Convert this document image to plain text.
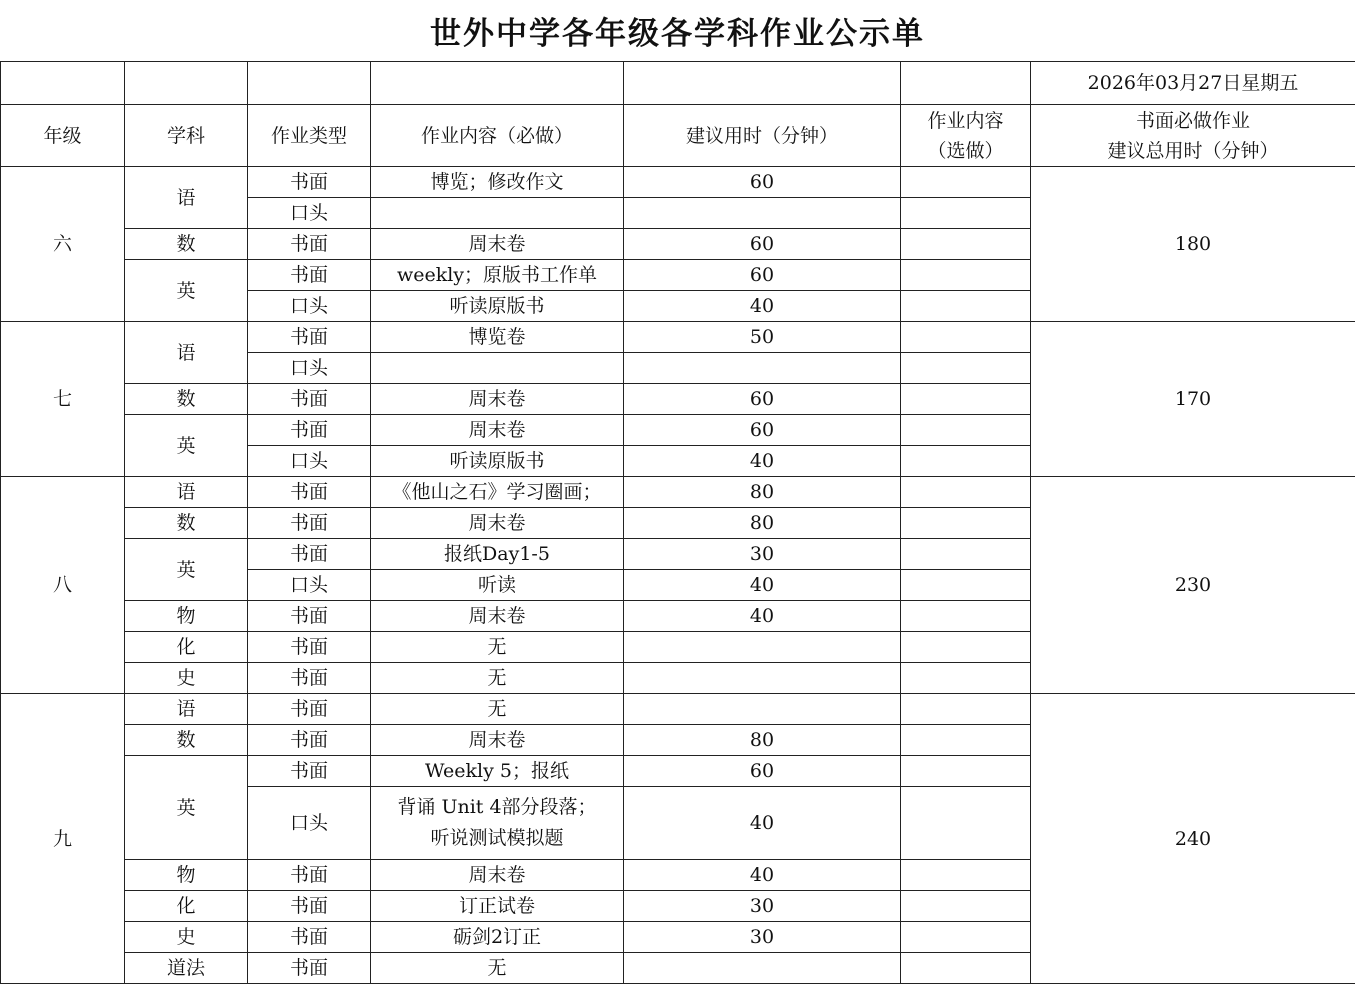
世外中学各年级各学科作业公示单
						2026年03月27日星期五
年级	学科	作业类型	作业内容（必做）	建议用时（分钟）	作业内容
（选做）	书面必做作业
建议总用时（分钟）
六	语	书面	博览；修改作文	60		180
		口头				
	数	书面	周末卷	60		
	英	书面	weekly；原版书工作单	60		
		口头	听读原版书	40		
七	语	书面	博览卷	50		170
		口头				
	数	书面	周末卷	60		
	英	书面	周末卷	60		
		口头	听读原版书	40		
八	语	书面	《他山之石》学习圈画；	80		230
	数	书面	周末卷	80		
	英	书面	报纸Day1-5	30		
		口头	听读	40		
	物	书面	周末卷	40		
	化	书面	无			
	史	书面	无			
九	语	书面	无			240
	数	书面	周末卷	80		
	英	书面	Weekly 5；报纸	60		
		口头	背诵 Unit 4部分段落；
听说测试模拟题	40		
	物	书面	周末卷	40		
	化	书面	订正试卷	30		
	史	书面	砺剑2订正	30		
	道法	书面	无			
